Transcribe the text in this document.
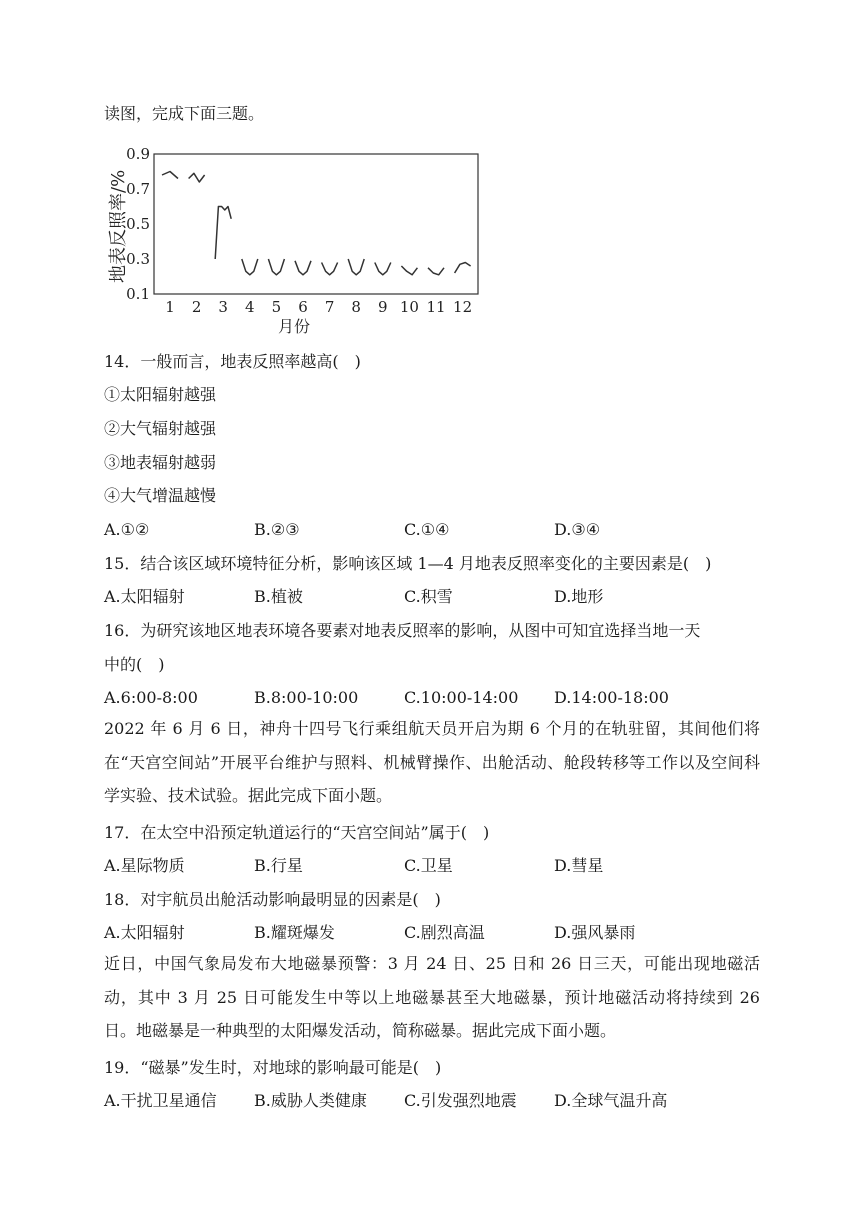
读图，完成下面三题。
0.1
0.3
0.5
0.7
0.9
1 2 3 4 5 6 7 8 9 10 11 12
地表反照率/%
月份
14．一般而言，地表反照率越高(　)
①太阳辐射越强
②大气辐射越强
③地表辐射越弱
④大气增温越慢
A.①②	B.②③	C.①④	D.③④
15．结合该区域环境特征分析，影响该区域 1—4 月地表反照率变化的主要因素是(　)
A.太阳辐射	B.植被	C.积雪	D.地形
16．为研究该地区地表环境各要素对地表反照率的影响，从图中可知宜选择当地一天
中的(　)
A.6:00-8:00	B.8:00-10:00	C.10:00-14:00 D.14:00-18:00
2022 年 6 月 6 日，神舟十四号飞行乘组航天员开启为期 6 个月的在轨驻留，其间他们将在“天宫空间站”开展平台维护与照料、机械臂操作、出舱活动、舱段转移等工作以及空间科学实验、技术试验。据此完成下面小题。
17．在太空中沿预定轨道运行的“天宫空间站”属于(　)
A.星际物质	B.行星	C.卫星	D.彗星
18．对宇航员出舱活动影响最明显的因素是(　)
A.太阳辐射	B.耀斑爆发	C.剧烈高温	D.强风暴雨
近日，中国气象局发布大地磁暴预警：3 月 24 日、25 日和 26 日三天，可能出现地磁活动，其中 3 月 25 日可能发生中等以上地磁暴甚至大地磁暴，预计地磁活动将持续到 26 日。地磁暴是一种典型的太阳爆发活动，简称磁暴。据此完成下面小题。
19．“磁暴”发生时，对地球的影响最可能是(　)
A.干扰卫星通信 B.威胁人类健康 C.引发强烈地震 D.全球气温升高
